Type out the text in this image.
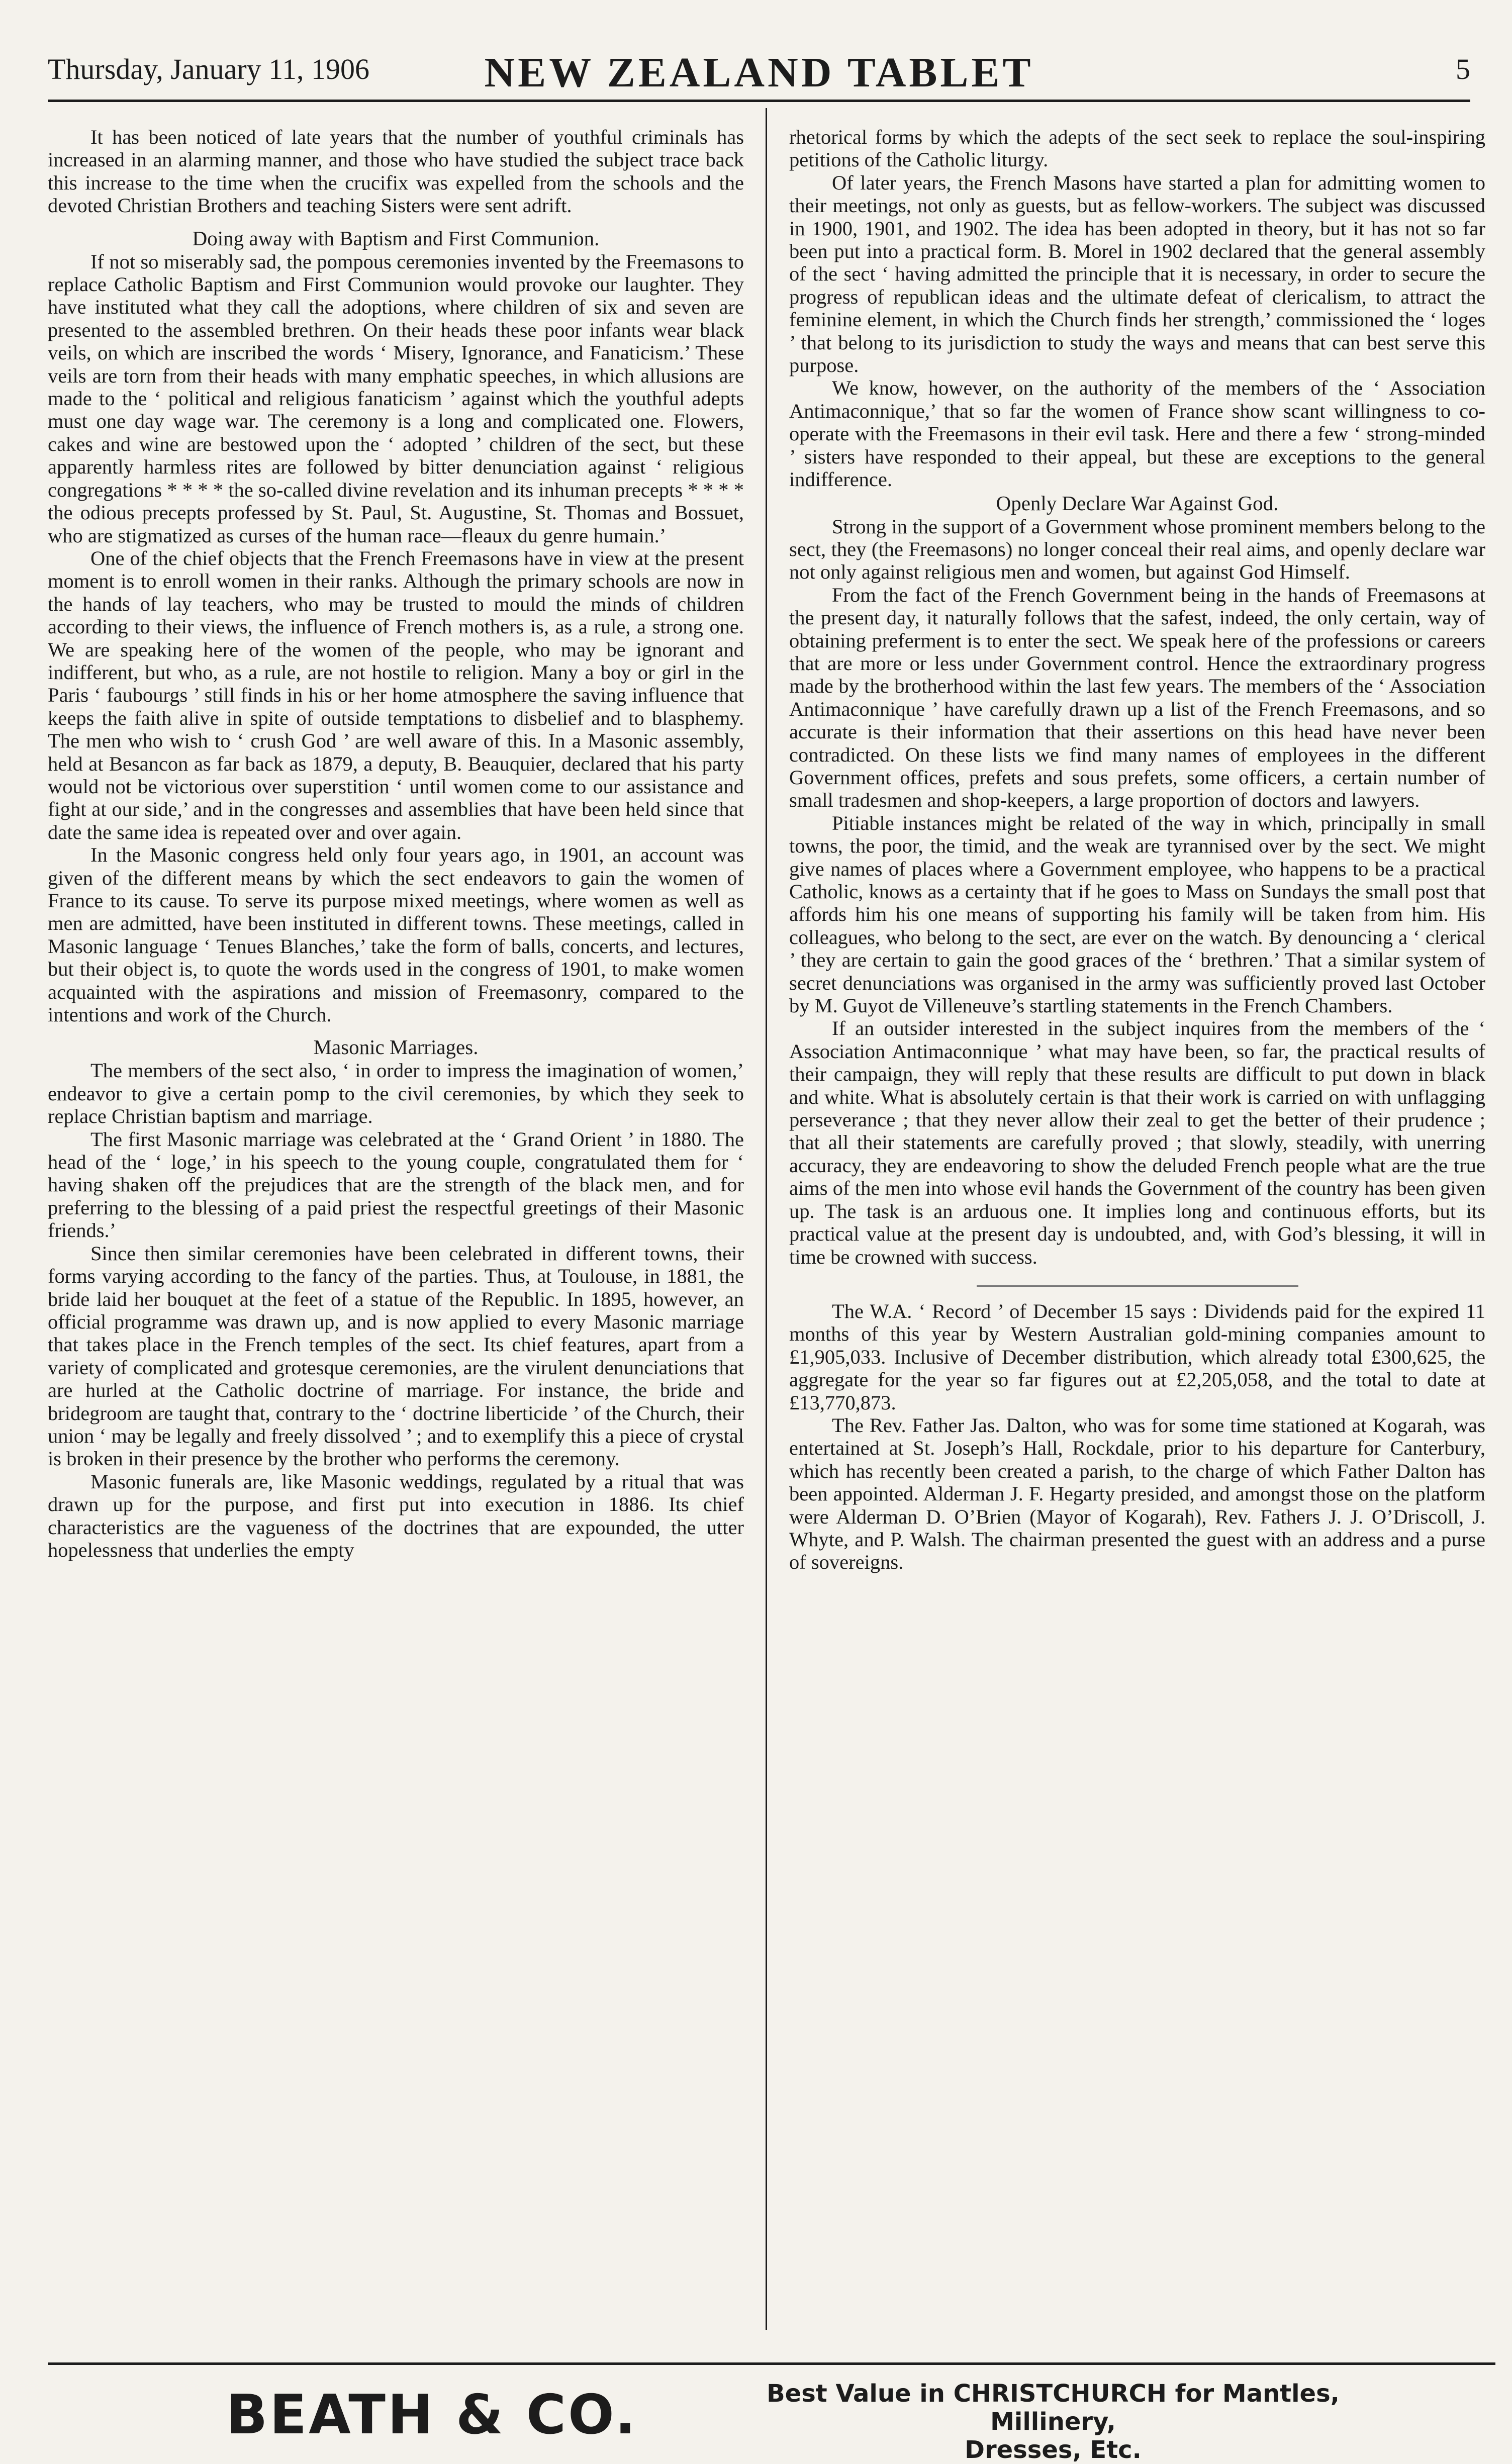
Thursday, January 11, 1906	NEW ZEALAND TABLET	5

It has been noticed of late years that the number of youthful criminals has increased in an alarming manner, and those who have studied the subject trace back this increase to the time when the crucifix was expelled from the schools and the devoted Christian Brothers and teaching Sisters were sent adrift.

Doing away with Baptism and First Communion.

If not so miserably sad, the pompous ceremonies invented by the Freemasons to replace Catholic Baptism and First Communion would provoke our laughter. They have instituted what they call the adoptions, where children of six and seven are presented to the assembled brethren. On their heads these poor infants wear black veils, on which are inscribed the words ‘ Misery, Ignorance, and Fanaticism.’ These veils are torn from their heads with many emphatic speeches, in which allusions are made to the ‘ political and religious fanaticism ’ against which the youthful adepts must one day wage war. The ceremony is a long and complicated one. Flowers, cakes and wine are bestowed upon the ‘ adopted ’ children of the sect, but these apparently harmless rites are followed by bitter denunciation against ‘ religious congregations * * * * the so-called divine revelation and its inhuman precepts * * * * the odious precepts professed by St. Paul, St. Augustine, St. Thomas and Bossuet, who are stigmatized as curses of the human race—fleaux du genre humain.’

One of the chief objects that the French Freemasons have in view at the present moment is to enroll women in their ranks. Although the primary schools are now in the hands of lay teachers, who may be trusted to mould the minds of children according to their views, the influence of French mothers is, as a rule, a strong one. We are speaking here of the women of the people, who may be ignorant and indifferent, but who, as a rule, are not hostile to religion. Many a boy or girl in the Paris ‘ faubourgs ’ still finds in his or her home atmosphere the saving influence that keeps the faith alive in spite of outside temptations to disbelief and to blasphemy. The men who wish to ‘ crush God ’ are well aware of this. In a Masonic assembly, held at Besancon as far back as 1879, a deputy, B. Beauquier, declared that his party would not be victorious over superstition ‘ until women come to our assistance and fight at our side,’ and in the congresses and assemblies that have been held since that date the same idea is repeated over and over again.

In the Masonic congress held only four years ago, in 1901, an account was given of the different means by which the sect endeavors to gain the women of France to its cause. To serve its purpose mixed meetings, where women as well as men are admitted, have been instituted in different towns. These meetings, called in Masonic language ‘ Tenues Blanches,’ take the form of balls, concerts, and lectures, but their object is, to quote the words used in the congress of 1901, to make women acquainted with the aspirations and mission of Freemasonry, compared to the intentions and work of the Church.

Masonic Marriages.

The members of the sect also, ‘ in order to impress the imagination of women,’ endeavor to give a certain pomp to the civil ceremonies, by which they seek to replace Christian baptism and marriage.

The first Masonic marriage was celebrated at the ‘ Grand Orient ’ in 1880. The head of the ‘ loge,’ in his speech to the young couple, congratulated them for ‘ having shaken off the prejudices that are the strength of the black men, and for preferring to the blessing of a paid priest the respectful greetings of their Masonic friends.’

Since then similar ceremonies have been celebrated in different towns, their forms varying according to the fancy of the parties. Thus, at Toulouse, in 1881, the bride laid her bouquet at the feet of a statue of the Republic. In 1895, however, an official programme was drawn up, and is now applied to every Masonic marriage that takes place in the French temples of the sect. Its chief features, apart from a variety of complicated and grotesque ceremonies, are the virulent denunciations that are hurled at the Catholic doctrine of marriage. For instance, the bride and bridegroom are taught that, contrary to the ‘ doctrine liberticide ’ of the Church, their union ‘ may be legally and freely dissolved ’ ; and to exemplify this a piece of crystal is broken in their presence by the brother who performs the ceremony.

Masonic funerals are, like Masonic weddings, regulated by a ritual that was drawn up for the purpose, and first put into execution in 1886. Its chief characteristics are the vagueness of the doctrines that are expounded, the utter hopelessness that underlies the empty

rhetorical forms by which the adepts of the sect seek to replace the soul-inspiring petitions of the Catholic liturgy.

Of later years, the French Masons have started a plan for admitting women to their meetings, not only as guests, but as fellow-workers. The subject was discussed in 1900, 1901, and 1902. The idea has been adopted in theory, but it has not so far been put into a practical form. B. Morel in 1902 declared that the general assembly of the sect ‘ having admitted the principle that it is necessary, in order to secure the progress of republican ideas and the ultimate defeat of clericalism, to attract the feminine element, in which the Church finds her strength,’ commissioned the ‘ loges ’ that belong to its jurisdiction to study the ways and means that can best serve this purpose.

We know, however, on the authority of the members of the ‘ Association Antimaconnique,’ that so far the women of France show scant willingness to co-operate with the Freemasons in their evil task. Here and there a few ‘ strong-minded ’ sisters have responded to their appeal, but these are exceptions to the general indifference.

Openly Declare War Against God.

Strong in the support of a Government whose prominent members belong to the sect, they (the Freemasons) no longer conceal their real aims, and openly declare war not only against religious men and women, but against God Himself.

From the fact of the French Government being in the hands of Freemasons at the present day, it naturally follows that the safest, indeed, the only certain, way of obtaining preferment is to enter the sect. We speak here of the professions or careers that are more or less under Government control. Hence the extraordinary progress made by the brotherhood within the last few years. The members of the ‘ Association Antimaconnique ’ have carefully drawn up a list of the French Freemasons, and so accurate is their information that their assertions on this head have never been contradicted. On these lists we find many names of employees in the different Government offices, prefets and sous prefets, some officers, a certain number of small tradesmen and shop-keepers, a large proportion of doctors and lawyers.

Pitiable instances might be related of the way in which, principally in small towns, the poor, the timid, and the weak are tyrannised over by the sect. We might give names of places where a Government employee, who happens to be a practical Catholic, knows as a certainty that if he goes to Mass on Sundays the small post that affords him his one means of supporting his family will be taken from him. His colleagues, who belong to the sect, are ever on the watch. By denouncing a ‘ clerical ’ they are certain to gain the good graces of the ‘ brethren.’ That a similar system of secret denunciations was organised in the army was sufficiently proved last October by M. Guyot de Villeneuve’s startling statements in the French Chambers.

If an outsider interested in the subject inquires from the members of the ‘ Association Antimaconnique ’ what may have been, so far, the practical results of their campaign, they will reply that these results are difficult to put down in black and white. What is absolutely certain is that their work is carried on with unflagging perseverance ; that they never allow their zeal to get the better of their prudence ; that all their statements are carefully proved ; that slowly, steadily, with unerring accuracy, they are endeavoring to show the deluded French people what are the true aims of the men into whose evil hands the Government of the country has been given up. The task is an arduous one. It implies long and continuous efforts, but its practical value at the present day is undoubted, and, with God’s blessing, it will in time be crowned with success.

The W.A. ‘ Record ’ of December 15 says : Dividends paid for the expired 11 months of this year by Western Australian gold-mining companies amount to £1,905,033. Inclusive of December distribution, which already total £300,625, the aggregate for the year so far figures out at £2,205,058, and the total to date at £13,770,873.

The Rev. Father Jas. Dalton, who was for some time stationed at Kogarah, was entertained at St. Joseph’s Hall, Rockdale, prior to his departure for Canterbury, which has recently been created a parish, to the charge of which Father Dalton has been appointed. Alderman J. F. Hegarty presided, and amongst those on the platform were Alderman D. O’Brien (Mayor of Kogarah), Rev. Fathers J. J. O’Driscoll, J. Whyte, and P. Walsh. The chairman presented the guest with an address and a purse of sovereigns.

BEATH & CO.	Best Value in CHRISTCHURCH for Mantles, Millinery,
Dresses, Etc.
